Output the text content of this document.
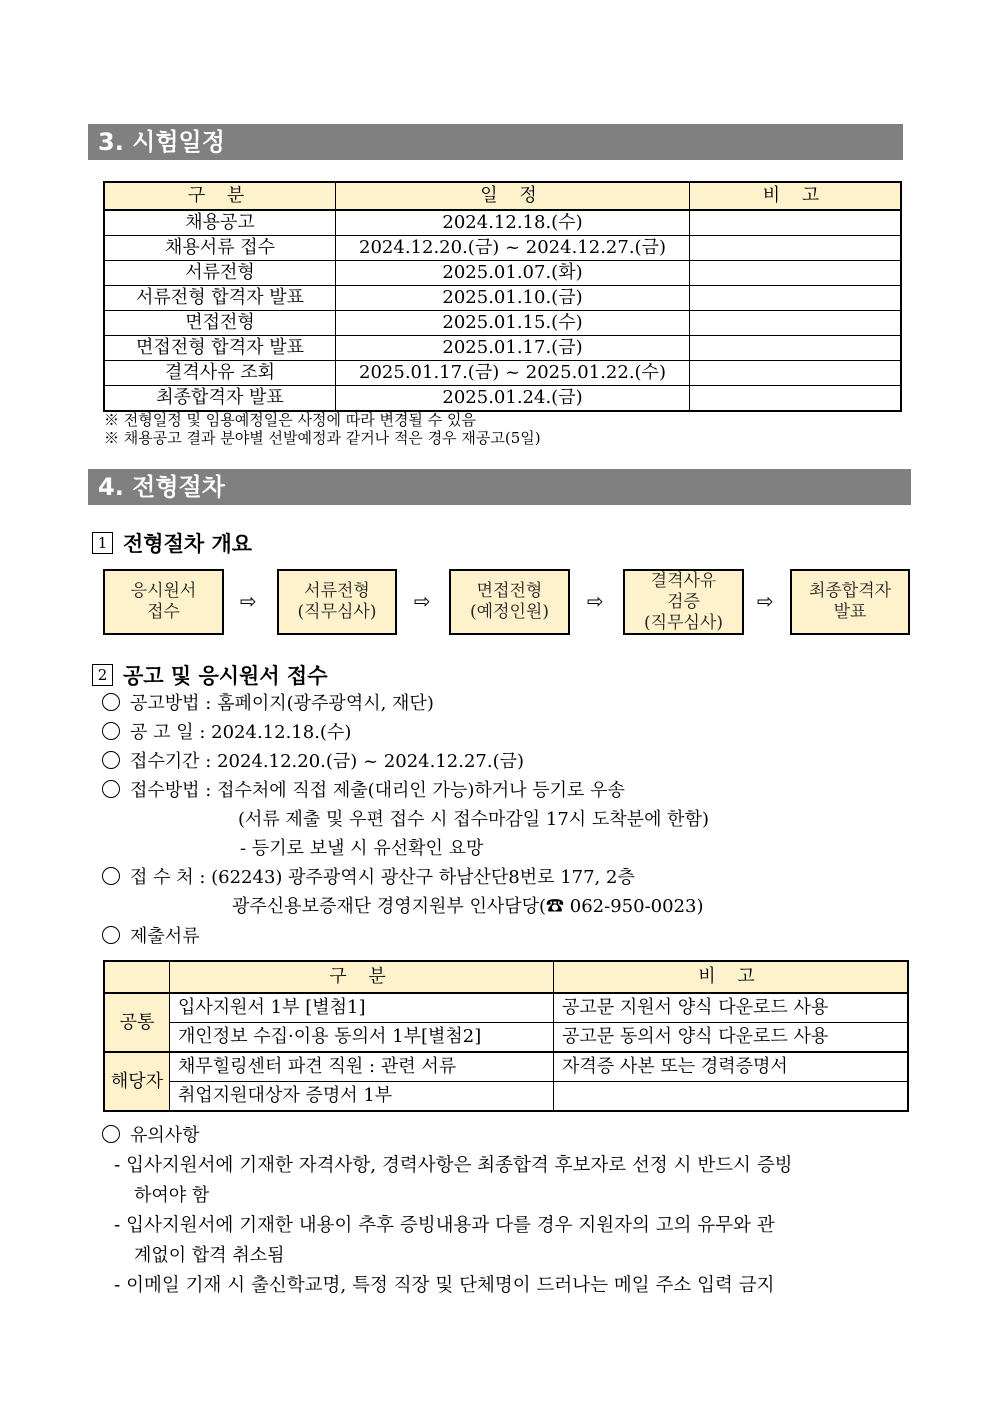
3. 시험일정
구 분	일 정	비 고
채용공고	2024.12.18.(수)	
채용서류 접수	2024.12.20.(금) ~ 2024.12.27.(금)	
서류전형	2025.01.07.(화)	
서류전형 합격자 발표	2025.01.10.(금)	
면접전형	2025.01.15.(수)	
면접전형 합격자 발표	2025.01.17.(금)	
결격사유 조회	2025.01.17.(금) ~ 2025.01.22.(수)	
최종합격자 발표	2025.01.24.(금)	
※ 전형일정 및 임용예정일은 사정에 따라 변경될 수 있음
※ 채용공고 결과 분야별 선발예정과 같거나 적은 경우 재공고(5일)
4. 전형절차
1 전형절차 개요
응시원서
접수	⇨	서류전형
(직무심사) ⇨	면접전형
(예정인원) ⇨
결격사유
검증
(직무심사)
⇨ 최종합격자
발표
2 공고 및 응시원서 접수
공고방법 : 홈페이지(광주광역시, 재단)
공 고 일 : 2024.12.18.(수)
접수기간 : 2024.12.20.(금) ~ 2024.12.27.(금)
접수방법 : 접수처에 직접 제출(대리인 가능)하거나 등기로 우송
(서류 제출 및 우편 접수 시 접수마감일 17시 도착분에 한함)
- 등기로 보낼 시 유선확인 요망
접 수 처 : (62243) 광주광역시 광산구 하남산단8번로 177, 2층
광주신용보증재단 경영지원부 인사담당(☎ 062-950-0023)
제출서류
	구 분	비 고
공통	입사지원서 1부 [별첨1]	공고문 지원서 양식 다운로드 사용
	개인정보 수집·이용 동의서 1부[별첨2]	공고문 동의서 양식 다운로드 사용
해당자	채무힐링센터 파견 직원 : 관련 서류	자격증 사본 또는 경력증명서
	취업지원대상자 증명서 1부	
유의사항
- 입사지원서에 기재한 자격사항, 경력사항은 최종합격 후보자로 선정 시 반드시 증빙
하여야 함
- 입사지원서에 기재한 내용이 추후 증빙내용과 다를 경우 지원자의 고의 유무와 관
계없이 합격 취소됨
- 이메일 기재 시 출신학교명, 특정 직장 및 단체명이 드러나는 메일 주소 입력 금지
